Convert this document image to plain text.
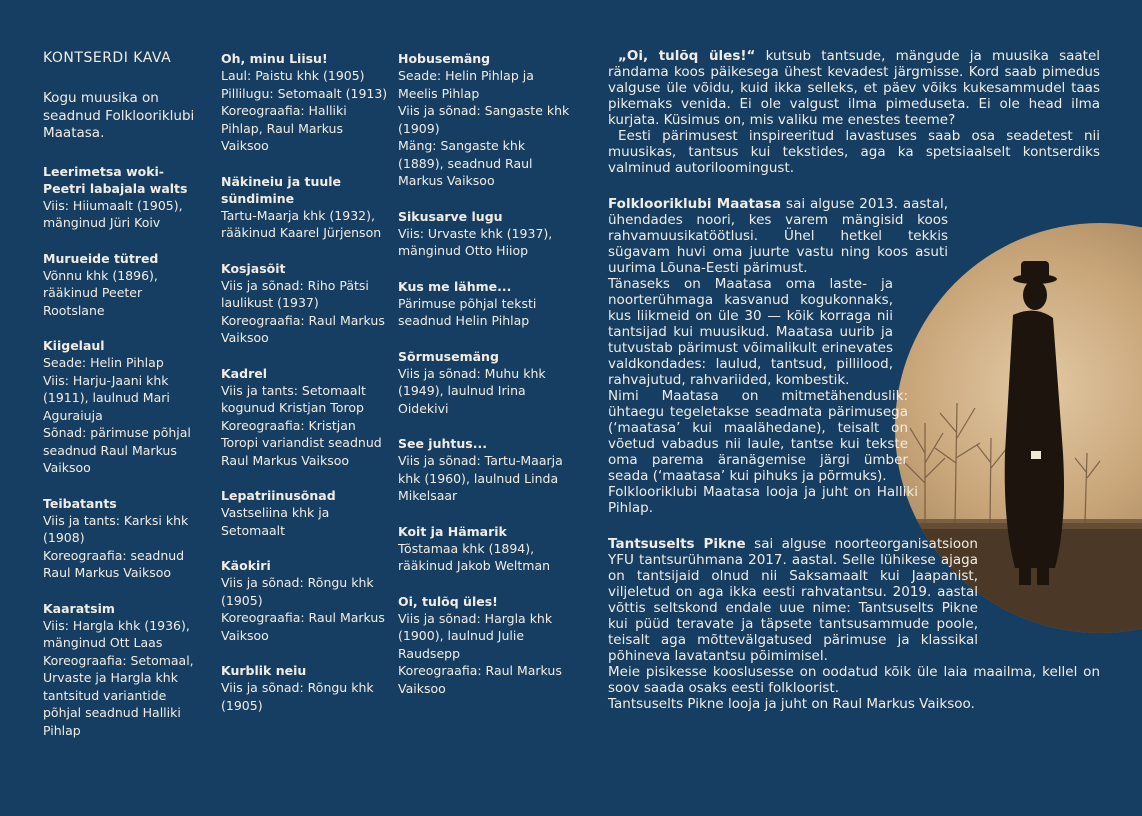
KONTSERDI KAVA
Kogu muusika on seadnud Folklooriklubi Maatasa.
Leerimetsa woki-Peetri labajala walts
Viis: Hiiumaalt (1905), mänginud Jüri Koiv
Murueide tütred
Võnnu khk (1896), rääkinud Peeter Rootslane
Kiigelaul
Seade: Helin Pihlap
Viis: Harju-Jaani khk (1911), laulnud Mari Aguraiuja
Sõnad: pärimuse põhjal seadnud Raul Markus Vaiksoo
Teibatants
Viis ja tants: Karksi khk (1908)
Koreograafia: seadnud Raul Markus Vaiksoo
Kaaratsim
Viis: Hargla khk (1936), mänginud Ott Laas
Koreograafia: Setomaal, Urvaste ja Hargla khk tantsitud variantide põhjal seadnud Halliki Pihlap
Oh, minu Liisu!
Laul: Paistu khk (1905)
Pillilugu: Setomaalt (1913)
Koreograafia: Halliki Pihlap, Raul Markus Vaiksoo
Näkineiu ja tuule sündimine
Tartu-Maarja khk (1932), rääkinud Kaarel Jürjenson
Kosjasõit
Viis ja sõnad: Riho Pätsi laulikust (1937)
Koreograafia: Raul Markus Vaiksoo
Kadrel
Viis ja tants: Setomaalt kogunud Kristjan Torop
Koreograafia: Kristjan Toropi variandist seadnud Raul Markus Vaiksoo
Lepatriinusõnad
Vastseliina khk ja Setomaalt
Käokiri
Viis ja sõnad: Rõngu khk (1905)
Koreograafia: Raul Markus Vaiksoo
Kurblik neiu
Viis ja sõnad: Rõngu khk (1905)
Hobusemäng
Seade: Helin Pihlap ja Meelis Pihlap
Viis ja sõnad: Sangaste khk (1909)
Mäng: Sangaste khk (1889), seadnud Raul Markus Vaiksoo
Sikusarve lugu
Viis: Urvaste khk (1937), mänginud Otto Hiiop
Kus me lähme...
Pärimuse põhjal teksti seadnud Helin Pihlap
Sõrmusemäng
Viis ja sõnad: Muhu khk (1949), laulnud Irina Oidekivi
See juhtus...
Viis ja sõnad: Tartu-Maarja khk (1960), laulnud Linda Mikelsaar
Koit ja Hämarik
Tõstamaa khk (1894), rääkinud Jakob Weltman
Oi, tulõq üles!
Viis ja sõnad: Hargla khk (1900), laulnud Julie Raudsepp
Koreograafia: Raul Markus Vaiksoo

„Oi, tulõq üles!“ kutsub tantsude, mängude ja muusika saatel rändama koos päikesega ühest kevadest järgmisse. Kord saab pimedus valguse üle võidu, kuid ikka selleks, et päev võiks kukesammudel taas pikemaks venida. Ei ole valgust ilma pimeduseta. Ei ole head ilma kurjata. Küsimus on, mis valiku me enestes teeme?

Eesti pärimusest inspireeritud lavastuses saab osa seadetest nii muusikas, tantsus kui tekstides, aga ka spetsiaalselt kontserdiks valminud autoriloomingust.

Folklooriklubi Maatasa sai alguse 2013. aastal, ühendades noori, kes varem mängisid koos rahvamuusikatöötlusi. Ühel hetkel tekkis sügavam huvi oma juurte vastu ning koos asuti uurima Lõuna-Eesti pärimust.

Tänaseks on Maatasa oma laste- ja noorterühmaga kasvanud kogukonnaks, kus liikmeid on üle 30 — kõik korraga nii tantsijad kui muusikud. Maatasa uurib ja tutvustab pärimust võimalikult erinevates valdkondades: laulud, tantsud, pillilood, rahvajutud, rahvariided, kombestik.

Nimi Maatasa on mitmetähenduslik: ühtaegu tegeletakse seadmata pärimusega (‘maatasa’ kui maalähedane), teisalt on võetud vabadus nii laule, tantse kui tekste oma parema äranägemise järgi ümber seada (‘maatasa’ kui pihuks ja põrmuks).

Folklooriklubi Maatasa looja ja juht on Halliki Pihlap.

Tantsuselts Pikne sai alguse noorteorganisatsioon YFU tantsurühmana 2017. aastal. Selle lühikese ajaga on tantsijaid olnud nii Saksamaalt kui Jaapanist, viljeletud on aga ikka eesti rahvatantsu. 2019. aastal võttis seltskond endale uue nime: Tantsuselts Pikne kui püüd teravate ja täpsete tantsusammude poole, teisalt aga mõttevälgatused pärimuse ja klassikal põhineva lavatantsu põimimisel.

Meie pisikesse kooslusesse on oodatud kõik üle laia maailma, kellel on soov saada osaks eesti folkloorist.

Tantsuselts Pikne looja ja juht on Raul Markus Vaiksoo.
